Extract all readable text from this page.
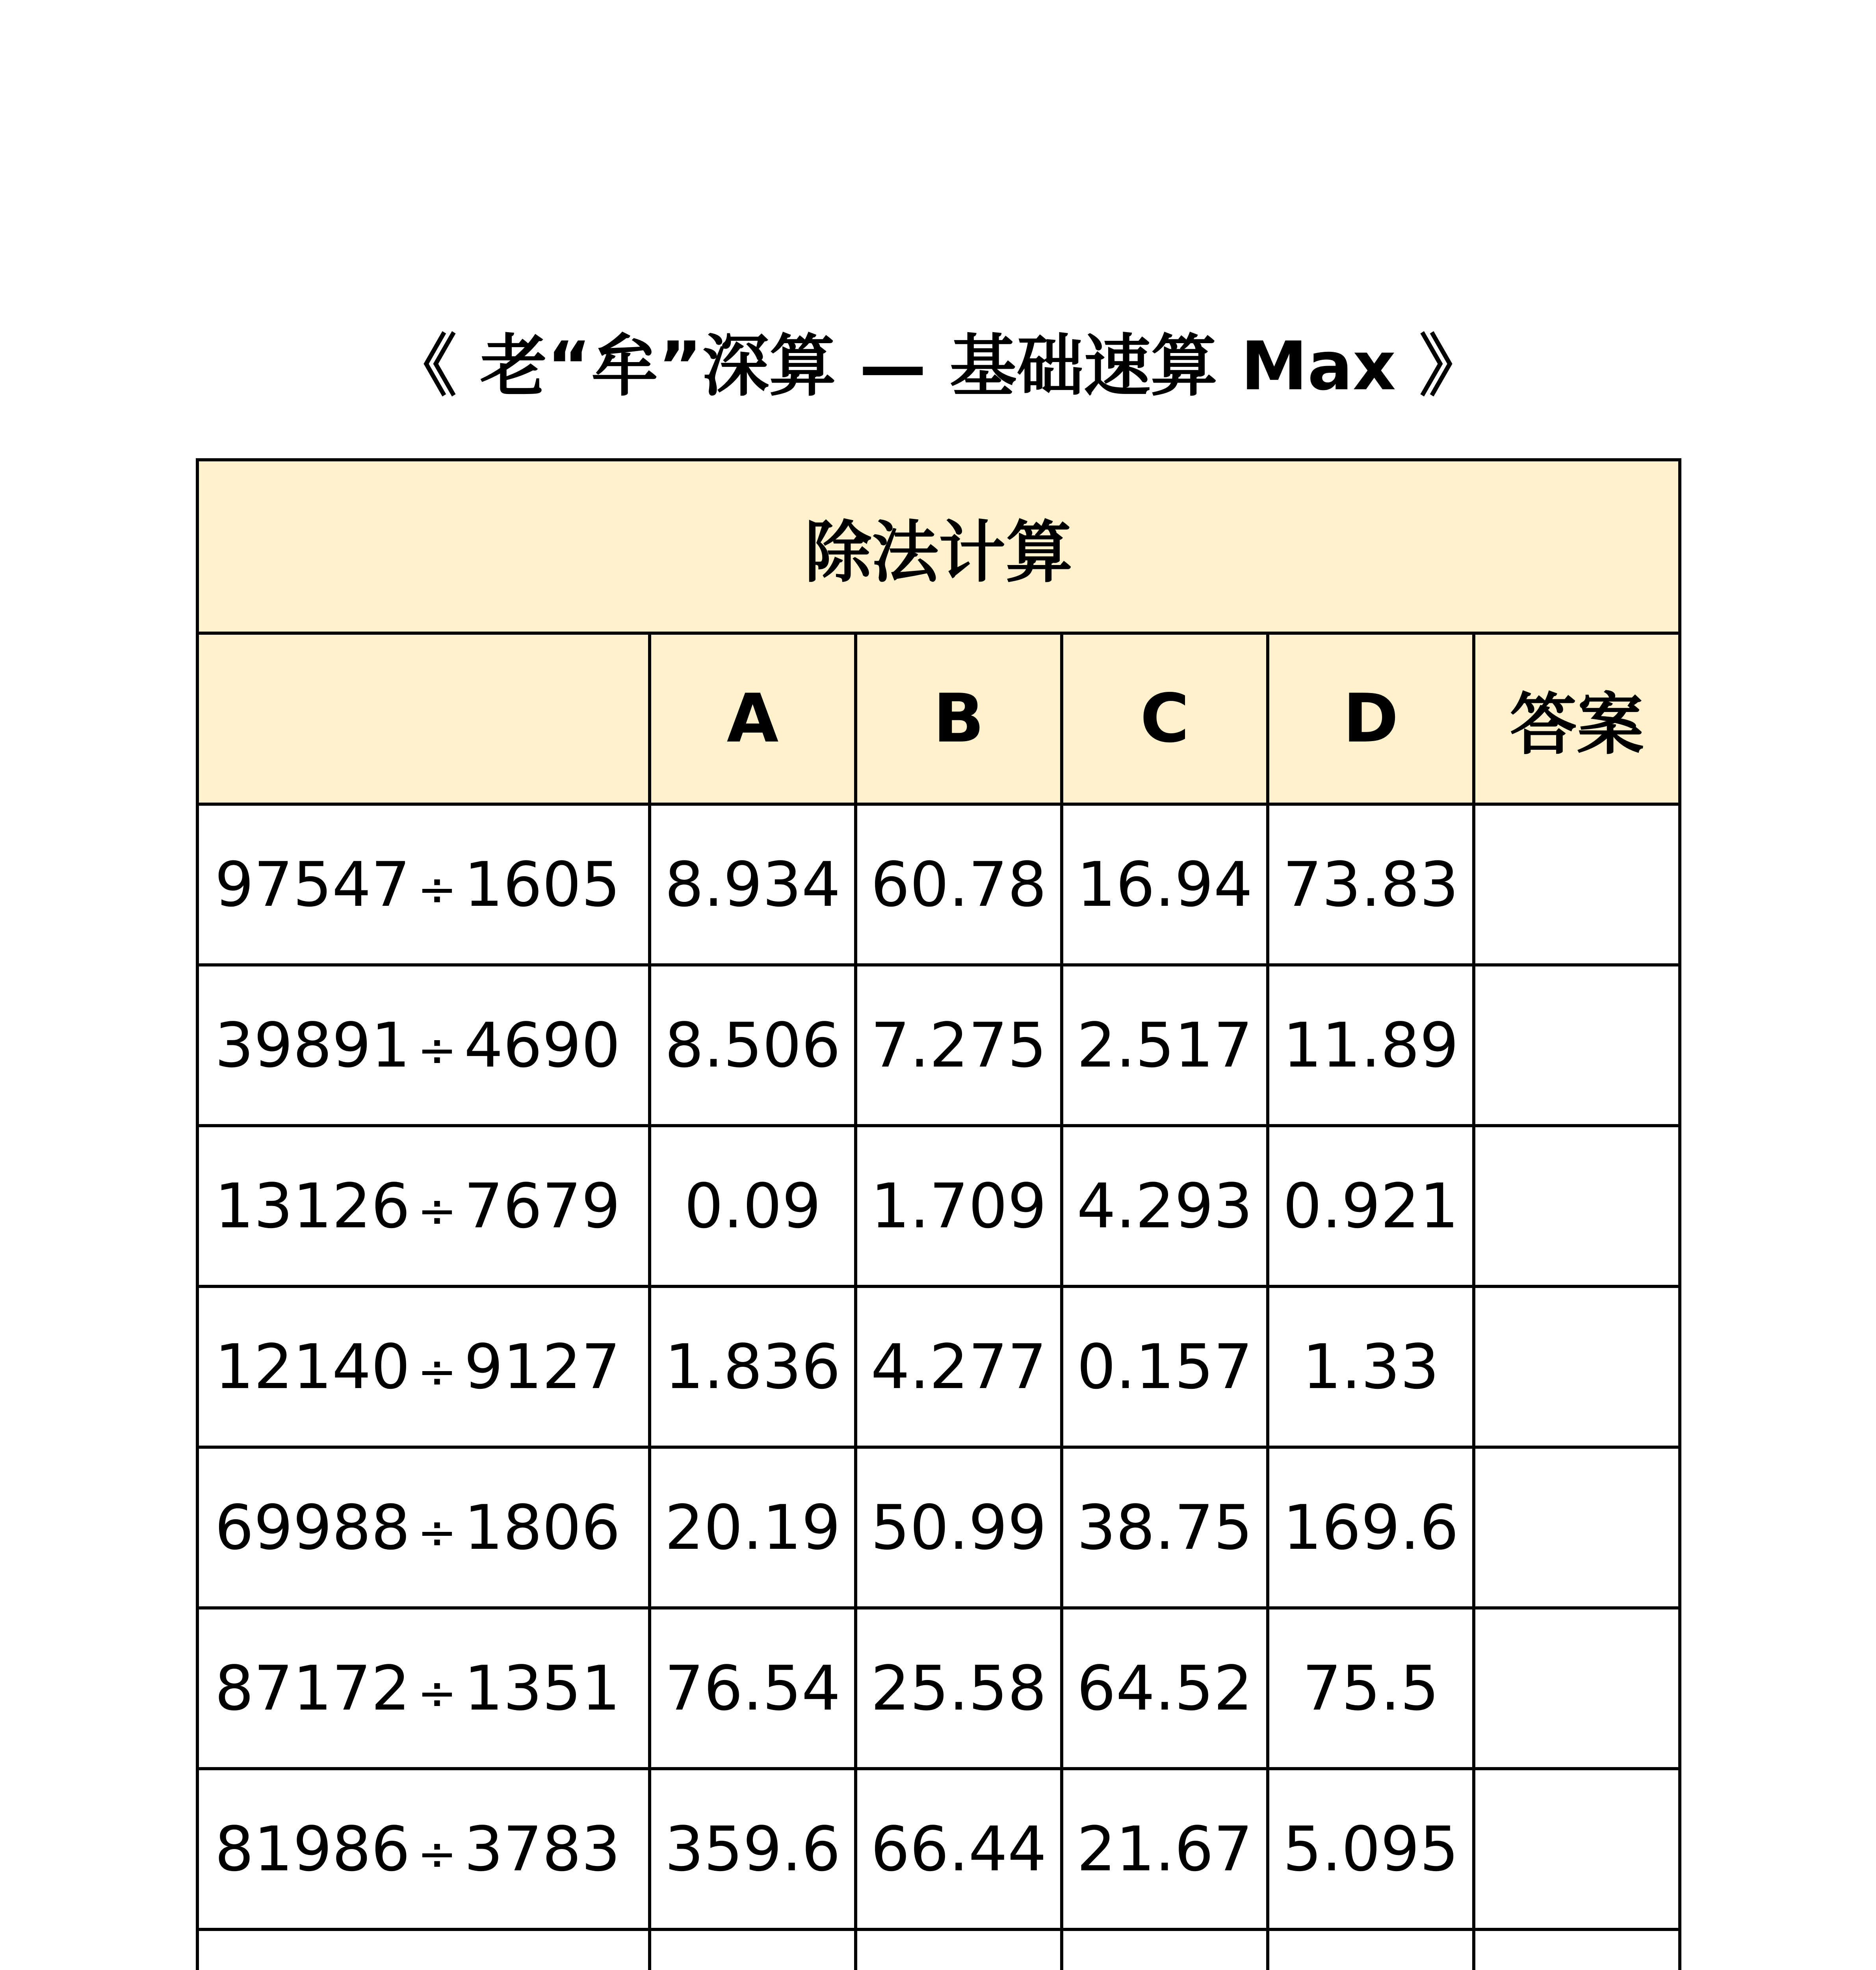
《 老“牟”深算 — 基础速算 Max 》
除法计算					
	A	B	C	D	答案
97547 ÷ 1605	8.934	60.78	16.94	73.83	
39891 ÷ 4690	8.506	7.275	2.517	11.89	
13126 ÷ 7679	0.09	1.709	4.293	0.921	
12140 ÷ 9127	1.836	4.277	0.157	1.33	
69988 ÷ 1806	20.19	50.99	38.75	169.6	
87172 ÷ 1351	76.54	25.58	64.52	75.5	
81986 ÷ 3783	359.6	66.44	21.67	5.095	
